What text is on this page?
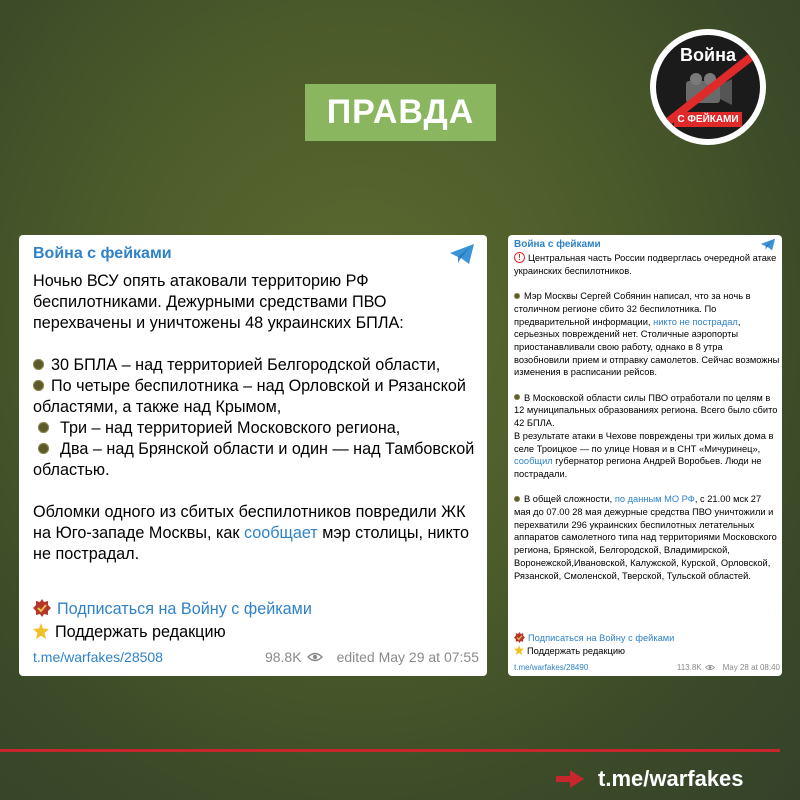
ПРАВДА
Война
С ФЕЙКАМИ
Война с фейками

Ночью ВСУ опять атаковали территорию РФ беспилотниками. Дежурными средствами ПВО перехвачены и уничтожены 48 украинских БПЛА:

30 БПЛА – над территорией Белгородской области,

По четыре беспилотника – над Орловской и Рязанской областями, а также над Крымом,

Три – над территорией Московского региона,

Два – над Брянской области и один — над Тамбовской областью.

Обломки одного из сбитых беспилотников повредили ЖК на Юго-западе Москвы, как сообщает мэр столицы, никто не пострадал.

Подписаться на Войну с фейками
Поддержать редакцию
t.me/warfakes/28508	98.8K	edited May 29 at 07:55
Война с фейками

! Центральная часть России подверглась очередной атаке украинских беспилотников.

Мэр Москвы Сергей Собянин написал, что за ночь в столичном регионе сбито 32 беспилотника. По предварительной информации, никто не пострадал, серьезных повреждений нет. Столичные аэропорты приостанавливали свою работу, однако в 8 утра возобновили прием и отправку самолетов. Сейчас возможны изменения в расписании рейсов.

В Московской области силы ПВО отработали по целям в 12 муниципальных образованиях региона. Всего было сбито 42 БПЛА.

В результате атаки в Чехове повреждены три жилых дома в селе Троицкое — по улице Новая и в СНТ «Мичуринец», сообщил губернатор региона Андрей Воробьев. Люди не пострадали.

В общей сложности, по данным МО РФ, с 21.00 мск 27 мая до 07.00 28 мая дежурные средства ПВО уничтожили и перехватили 296 украинских беспилотных летательных аппаратов самолетного типа над территориями Московского региона, Брянской, Белгородской, Владимирской, Воронежской,Ивановской, Калужской, Курской, Орловской, Рязанской, Смоленской, Тверской, Тульской областей.

Подписаться на Войну с фейками
Поддержать редакцию
t.me/warfakes/28490	113.8K	May 28 at 08:40
t.me/warfakes
